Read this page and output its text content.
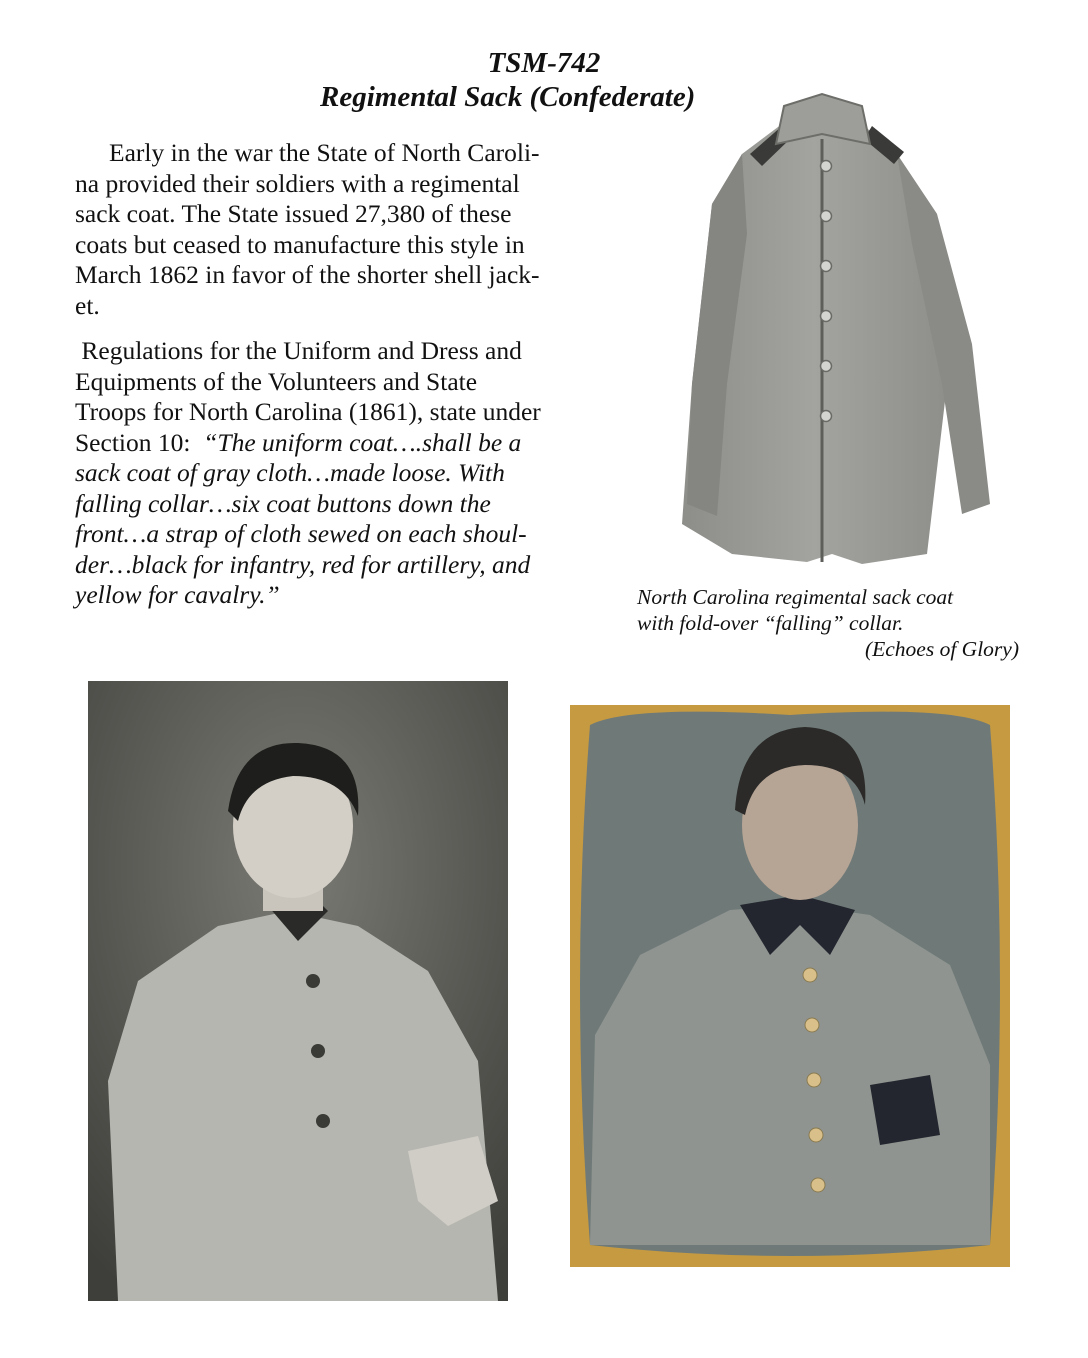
TSM-742
Regimental Sack (Confederate)

Early in the war the State of North Caroli-
na provided their soldiers with a regimental
sack coat. The State issued 27,380 of these
coats but ceased to manufacture this style in
March 1862 in favor of the shorter shell jack-
et.

Regulations for the Uniform and Dress and
Equipments of the Volunteers and State
Troops for North Carolina (1861), state under
Section 10:  “The uniform coat….shall be a
sack coat of gray cloth…made loose. With
falling collar…six coat buttons down the
front…a strap of cloth sewed on each shoul-
der…black for infantry, red for artillery, and
yellow for cavalry.”	North Carolina regimental sack coat
with fold-over “falling” collar.
(Echoes of Glory)
